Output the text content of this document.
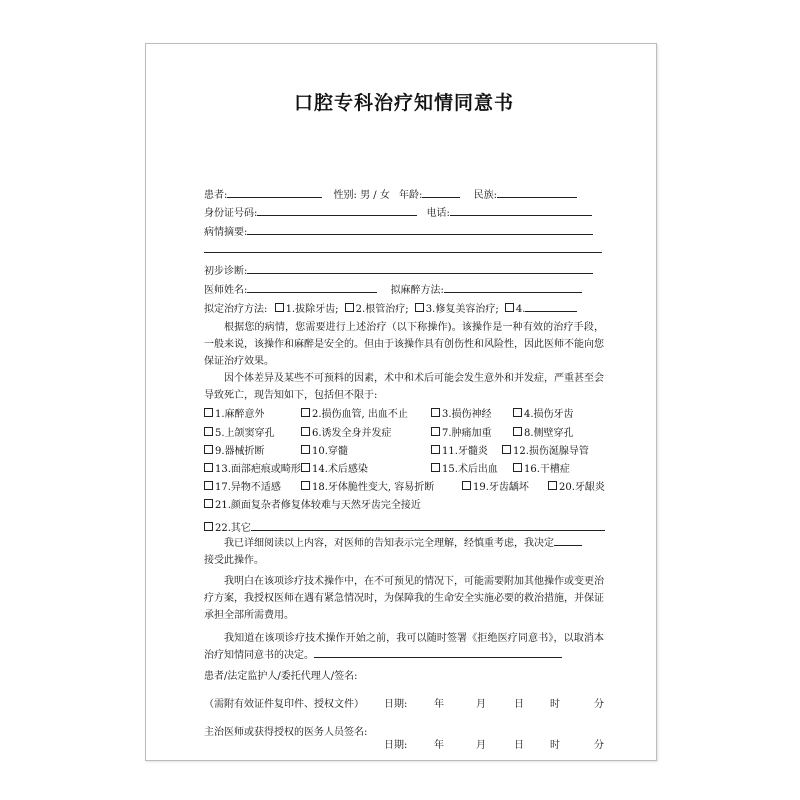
口腔专科治疗知情同意书
患者:	性别: 男 / 女 年龄:	民族:
身份证号码:	电话:
病情摘要:
初步诊断:
医师姓名:	拟麻醉方法:
拟定治疗方法: 1.拔除牙齿; 2.根管治疗; 3.修复美容治疗; 4.
根据您的病情，您需要进行上述治疗（以下称操作)。该操作是一种有效的治疗手段，一般来说，该操作和麻醉是安全的。但由于该操作具有创伤性和风险性，因此医师不能向您保证治疗效果。
因个体差异及某些不可预料的因素，术中和术后可能会发生意外和并发症，严重甚至会导致死亡，现告知如下，包括但不限于:
1.麻醉意外	2.损伤血管, 出血不止	3.损伤神经	4.损伤牙齿
5.上颌窦穿孔	6.诱发全身并发症	7.肿痛加重	8.侧壁穿孔
9.器械折断	10.穿髓	11.牙髓炎	12.损伤涎腺导管
13.面部疤痕或畸形	14.术后感染	15.术后出血	16.干槽症
17.异物不适感	18.牙体脆性变大, 容易折断	19.牙齿龋坏	20.牙龈炎
21.颜面复杂者修复体较难与天然牙齿完全接近
22.其它
我已详细阅读以上内容，对医师的告知表示完全理解，经慎重考虑，我决定
接受此操作。
我明白在该项诊疗技术操作中，在不可预见的情况下，可能需要附加其他操作或变更治疗方案，我授权医师在遇有紧急情况时，为保障我的生命安全实施必要的救治措施，并保证承担全部所需费用。
我知道在该项诊疗技术操作开始之前，我可以随时签署《拒绝医疗同意书》，以取消本治疗知情同意书的决定。
患者/法定监护人/委托代理人/签名:
（需附有效证件复印件、授权文件） 日期:	年	月	日	时	分
主治医师或获得授权的医务人员签名:
日期:	年	月	日	时	分
